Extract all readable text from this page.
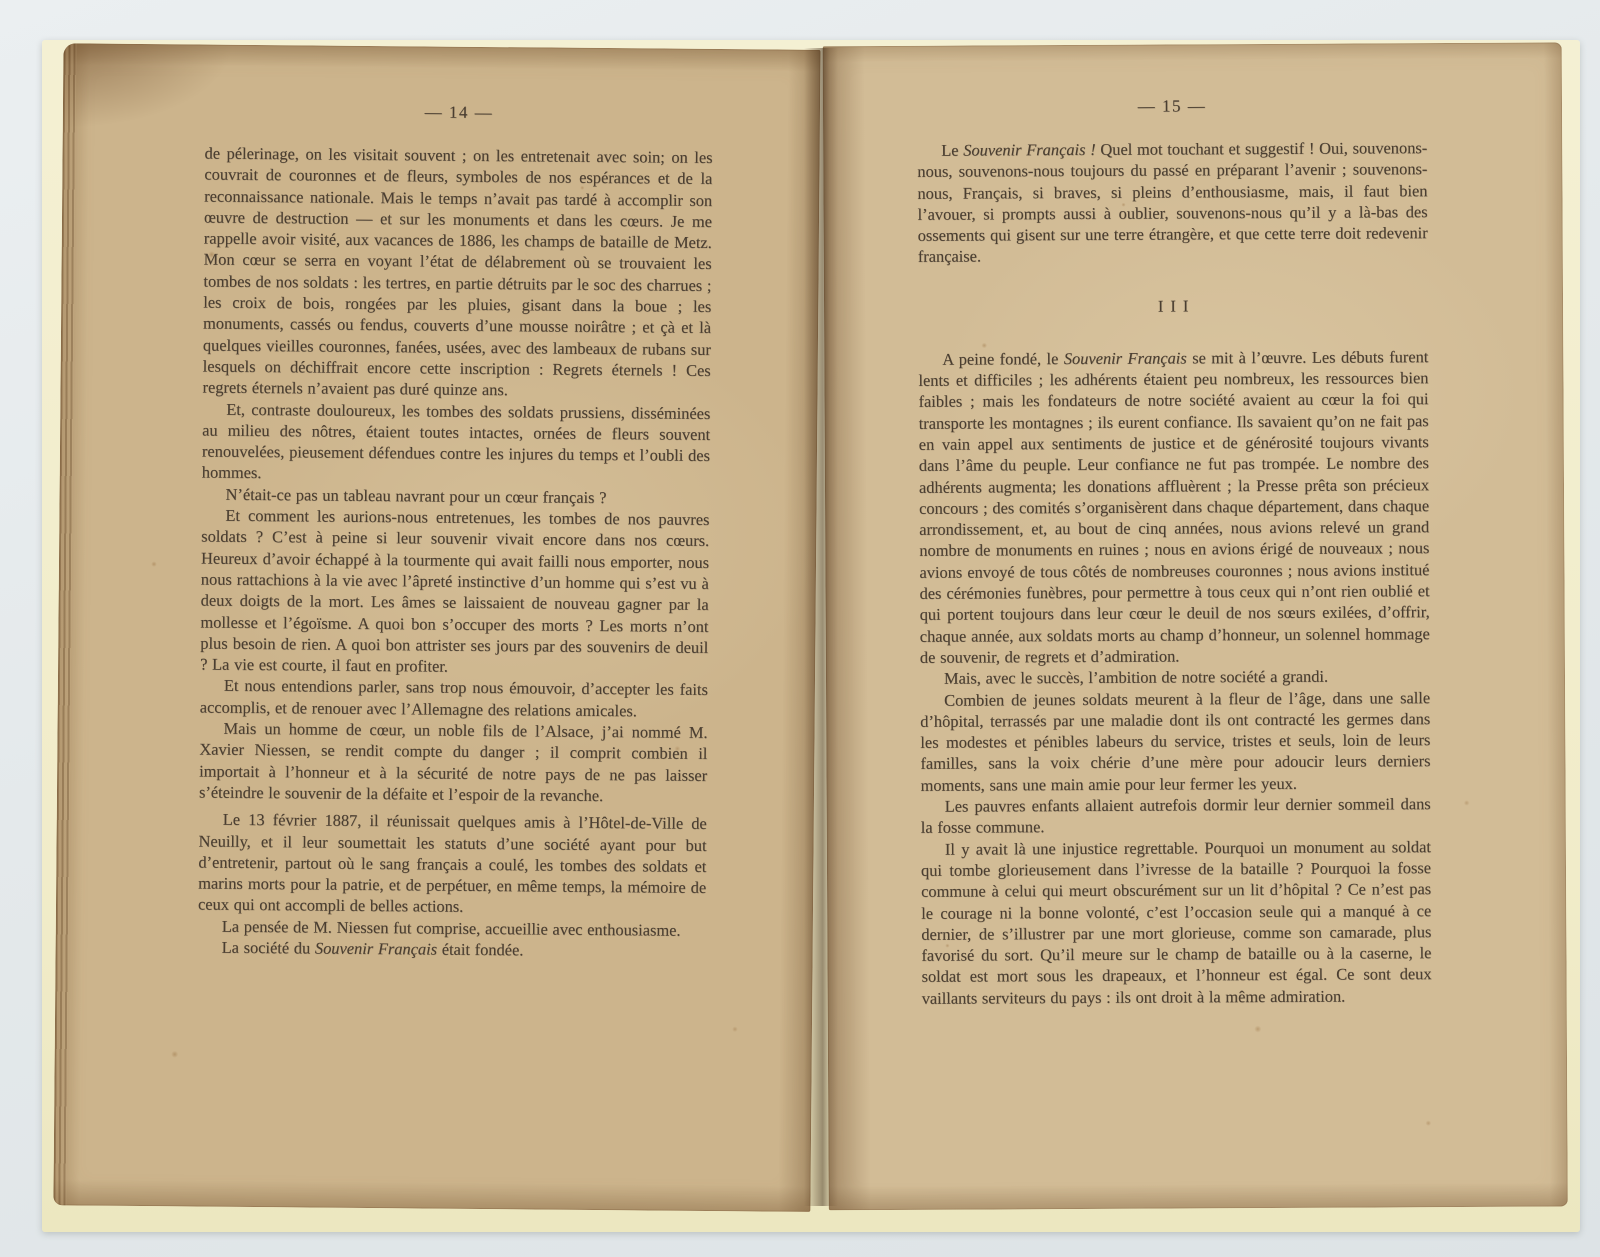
— 14 —

de pélerinage, on les visitait souvent ; on les entretenait avec soin; on les couvrait de couronnes et de fleurs, symboles de nos espérances et de la reconnaissance nationale. Mais le temps n’avait pas tardé à accomplir son œuvre de destruction — et sur les monuments et dans les cœurs. Je me rappelle avoir visité, aux vacances de 1886, les champs de bataille de Metz. Mon cœur se serra en voyant l’état de délabrement où se trouvaient les tombes de nos soldats : les tertres, en partie détruits par le soc des charrues ; les croix de bois, rongées par les pluies, gisant dans la boue ; les monuments, cassés ou fendus, couverts d’une mousse noirâtre ; et çà et là quelques vieilles couronnes, fanées, usées, avec des lambeaux de rubans sur lesquels on déchiffrait encore cette inscription : Regrets éternels ! Ces regrets éternels n’avaient pas duré quinze ans.

Et, contraste douloureux, les tombes des soldats prussiens, disséminées au milieu des nôtres, étaient toutes intactes, ornées de fleurs souvent renouvelées, pieusement défendues contre les injures du temps et l’oubli des hommes.

N’était-ce pas un tableau navrant pour un cœur français ?

Et comment les aurions-nous entretenues, les tombes de nos pauvres soldats ? C’est à peine si leur souvenir vivait encore dans nos cœurs. Heureux d’avoir échappé à la tourmente qui avait failli nous emporter, nous nous rattachions à la vie avec l’âpreté instinctive d’un homme qui s’est vu à deux doigts de la mort. Les âmes se laissaient de nouveau gagner par la mollesse et l’égoïsme. A quoi bon s’occuper des morts ? Les morts n’ont plus besoin de rien. A quoi bon attrister ses jours par des souvenirs de deuil ? La vie est courte, il faut en profiter.

Et nous entendions parler, sans trop nous émouvoir, d’accepter les faits accomplis, et de renouer avec l’Allemagne des relations amicales.

Mais un homme de cœur, un noble fils de l’Alsace, j’ai nommé M. Xavier Niessen, se rendit compte du danger ; il comprit combien il importait à l’honneur et à la sécurité de notre pays de ne pas laisser s’éteindre le souvenir de la défaite et l’espoir de la revanche.

Le 13 février 1887, il réunissait quelques amis à l’Hôtel-de-Ville de Neuilly, et il leur soumettait les statuts d’une société ayant pour but d’entretenir, partout où le sang français a coulé, les tombes des soldats et marins morts pour la patrie, et de perpétuer, en même temps, la mémoire de ceux qui ont accompli de belles actions.

La pensée de M. Niessen fut comprise, accueillie avec enthousiasme.

La société du Souvenir Français était fondée.

— 15 —

Le Souvenir Français ! Quel mot touchant et suggestif ! Oui, souvenons-nous, souvenons-nous toujours du passé en préparant l’avenir ; souvenons-nous, Français, si braves, si pleins d’enthousiasme, mais, il faut bien l’avouer, si prompts aussi à oublier, souvenons-nous qu’il y a là-bas des ossements qui gisent sur une terre étrangère, et que cette terre doit redevenir française.

III

A peine fondé, le Souvenir Français se mit à l’œuvre. Les débuts furent lents et difficiles ; les adhérents étaient peu nombreux, les ressources bien faibles ; mais les fondateurs de notre société avaient au cœur la foi qui transporte les montagnes ; ils eurent confiance. Ils savaient qu’on ne fait pas en vain appel aux sentiments de justice et de générosité toujours vivants dans l’âme du peuple. Leur confiance ne fut pas trompée. Le nombre des adhérents augmenta; les donations affluèrent ; la Presse prêta son précieux concours ; des comités s’organisèrent dans chaque département, dans chaque arrondissement, et, au bout de cinq années, nous avions relevé un grand nombre de monuments en ruines ; nous en avions érigé de nouveaux ; nous avions envoyé de tous côtés de nombreuses couronnes ; nous avions institué des cérémonies funèbres, pour permettre à tous ceux qui n’ont rien oublié et qui portent toujours dans leur cœur le deuil de nos sœurs exilées, d’offrir, chaque année, aux soldats morts au champ d’honneur, un solennel hommage de souvenir, de regrets et d’admiration.

Mais, avec le succès, l’ambition de notre société a grandi.

Combien de jeunes soldats meurent à la fleur de l’âge, dans une salle d’hôpital, terrassés par une maladie dont ils ont contracté les germes dans les modestes et pénibles labeurs du service, tristes et seuls, loin de leurs familles, sans la voix chérie d’une mère pour adoucir leurs derniers moments, sans une main amie pour leur fermer les yeux.

Les pauvres enfants allaient autrefois dormir leur dernier sommeil dans la fosse commune.

Il y avait là une injustice regrettable. Pourquoi un monument au soldat qui tombe glorieusement dans l’ivresse de la bataille ? Pourquoi la fosse commune à celui qui meurt obscurément sur un lit d’hôpital ? Ce n’est pas le courage ni la bonne volonté, c’est l’occasion seule qui a manqué à ce dernier, de s’illustrer par une mort glorieuse, comme son camarade, plus favorisé du sort. Qu’il meure sur le champ de bataille ou à la caserne, le soldat est mort sous les drapeaux, et l’honneur est égal. Ce sont deux vaillants serviteurs du pays : ils ont droit à la même admiration.
